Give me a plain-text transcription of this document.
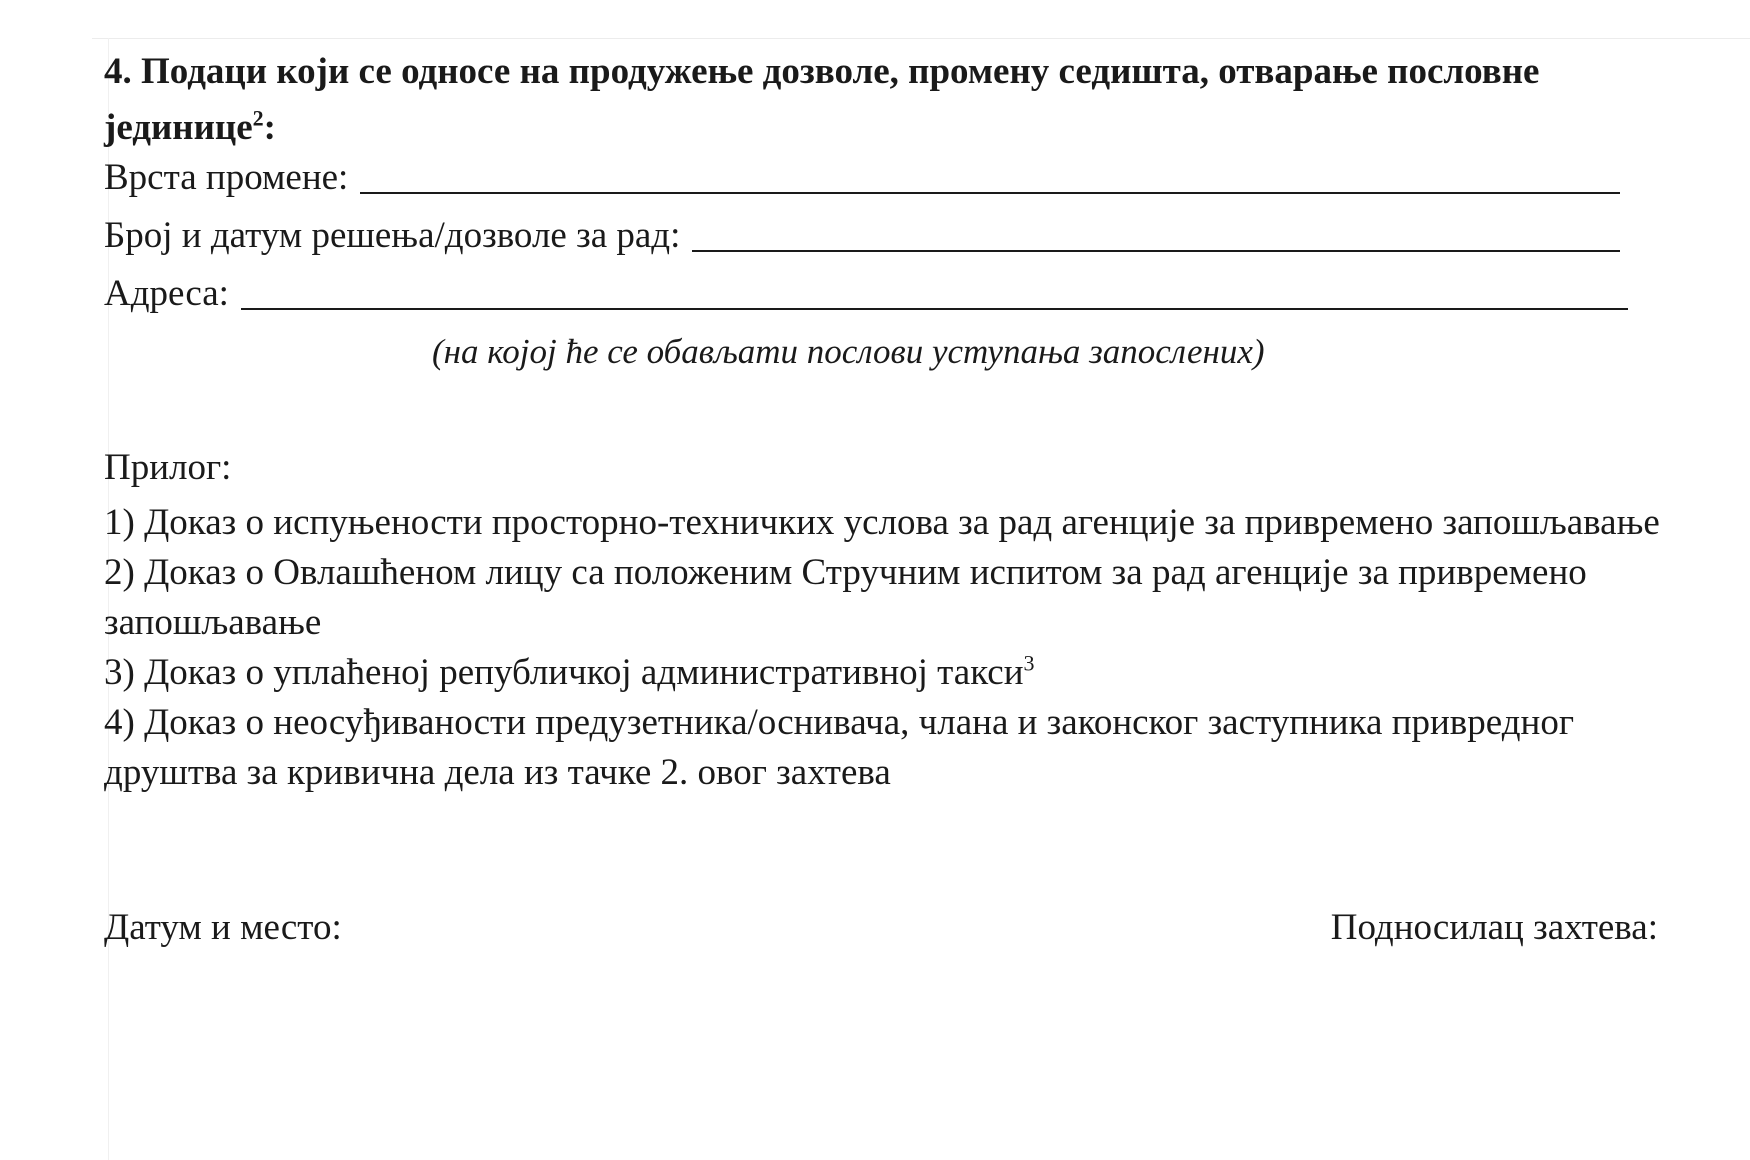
4. Подаци који се односе на продужење дозволе, промену седишта, отварање пословне јединице$^2$:
Врста промене:
Број и датум решења/дозволе за рад:
Адреса:
(на којој ће се обављати послови уступања запослених)
Прилог:
1) Доказ о испуњености просторно-техничких услова за рад агенције за привремено запошљавање
2) Доказ о Овлашћеном лицу са положеним Стручним испитом за рад агенције за привремено запошљавање
3) Доказ о уплаћеној републичкој административној такси$^3$
4) Доказ о неосуђиваности предузетника/оснивача, члана и законског заступника привредног друштва за кривична дела из тачке 2. овог захтева
Датум и место:	Подносилац захтева:
